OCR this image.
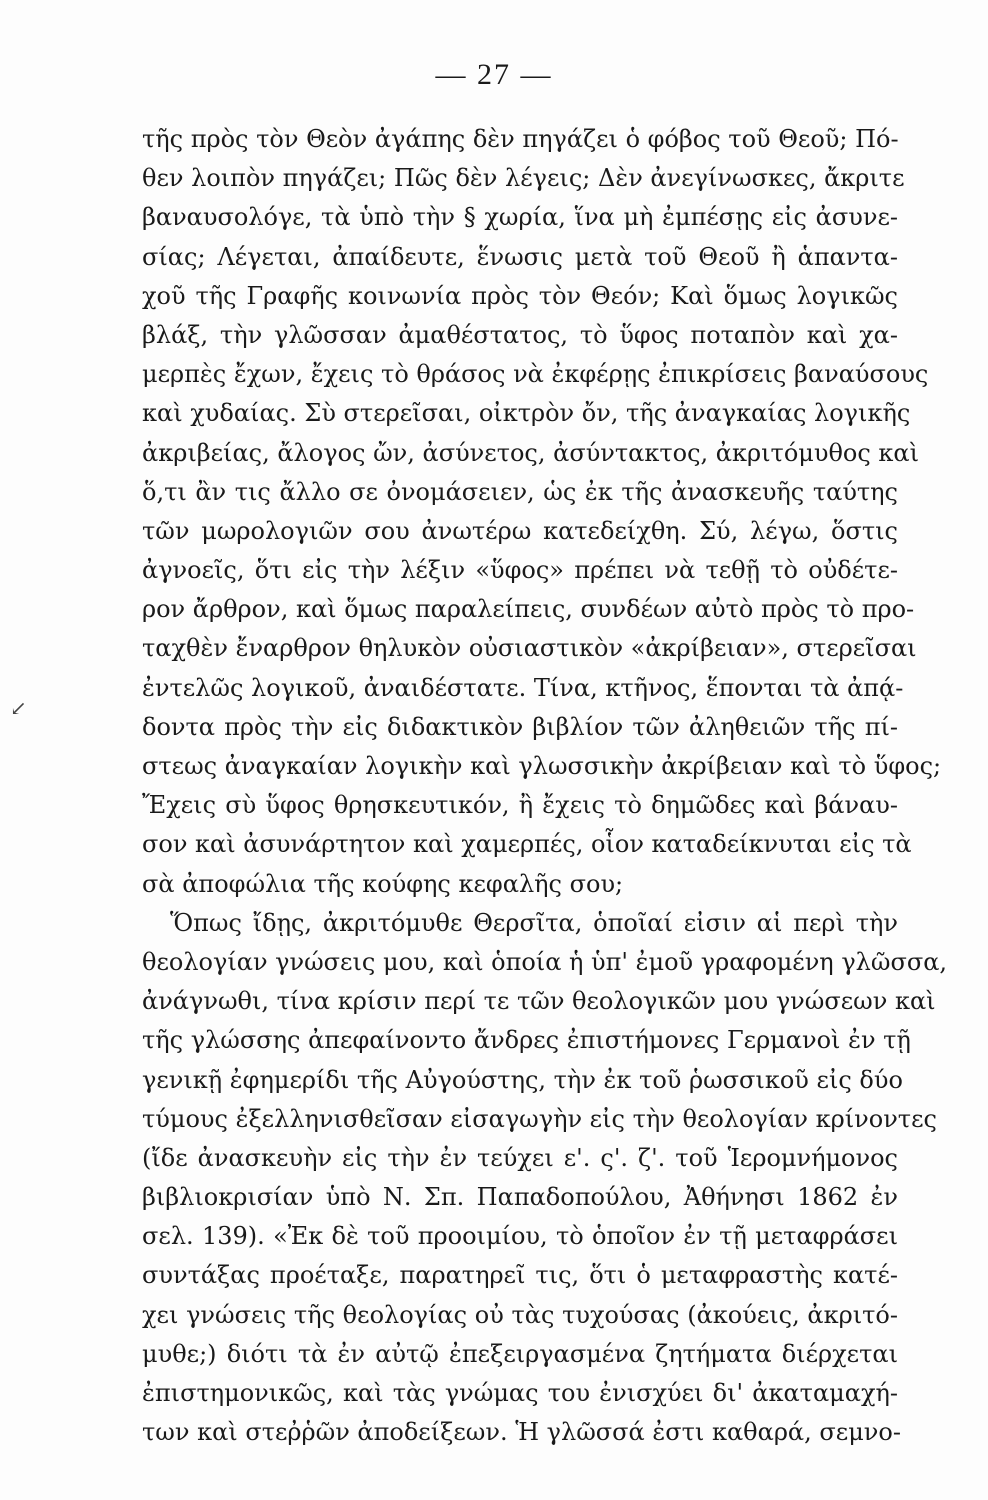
— 27 —
↙
τῆς πρὸς τὸν Θεὸν ἀγάπης δὲν πηγάζει ὁ φόβος τοῦ Θεοῦ; Πό-
θεν λοιπὸν πηγάζει; Πῶς δὲν λέγεις; Δὲν ἀνεγίνωσκες, ἄκριτε
βαναυσολόγε, τὰ ὑπὸ τὴν § χωρία, ἵνα μὴ ἐμπέσῃς εἰς ἀσυνε-
σίας; Λέγεται, ἀπαίδευτε, ἕνωσις μετὰ τοῦ Θεοῦ ἢ ἁπαντα-
χοῦ τῆς Γραφῆς κοινωνία πρὸς τὸν Θεόν; Καὶ ὅμως λογικῶς
βλάξ, τὴν γλῶσσαν ἀμαθέστατος, τὸ ὕφος ποταπὸν καὶ χα-
μερπὲς ἔχων, ἔχεις τὸ θράσος νὰ ἐκφέρῃς ἐπικρίσεις βαναύσους
καὶ χυδαίας. Σὺ στερεῖσαι, οἰκτρὸν ὄν, τῆς ἀναγκαίας λογικῆς
ἀκριβείας, ἄλογος ὤν, ἀσύνετος, ἀσύντακτος, ἀκριτόμυθος καὶ
ὅ,τι ἂν τις ἄλλο σε ὀνομάσειεν, ὡς ἐκ τῆς ἀνασκευῆς ταύτης
τῶν μωρολογιῶν σου ἀνωτέρω κατεδείχθη. Σύ, λέγω, ὅστις
ἀγνοεῖς, ὅτι εἰς τὴν λέξιν «ὕφος» πρέπει νὰ τεθῇ τὸ οὐδέτε-
ρον ἄρθρον, καὶ ὅμως παραλείπεις, συνδέων αὐτὸ πρὸς τὸ προ-
ταχθὲν ἔναρθρον θηλυκὸν οὐσιαστικὸν «ἀκρίβειαν», στερεῖσαι
ἐντελῶς λογικοῦ, ἀναιδέστατε. Τίνα, κτῆνος, ἕπονται τὰ ἀπᾴ-
δοντα πρὸς τὴν εἰς διδακτικὸν βιβλίον τῶν ἀληθειῶν τῆς πί-
στεως ἀναγκαίαν λογικὴν καὶ γλωσσικὴν ἀκρίβειαν καὶ τὸ ὕφος;
Ἔχεις σὺ ὕφος θρησκευτικόν, ἢ ἔχεις τὸ δημῶδες καὶ βάναυ-
σον καὶ ἀσυνάρτητον καὶ χαμερπές, οἷον καταδείκνυται εἰς τὰ
σὰ ἀποφώλια τῆς κούφης κεφαλῆς σου;
Ὅπως ἴδῃς, ἀκριτόμυθε Θερσῖτα, ὁποῖαί εἰσιν αἱ περὶ τὴν
θεολογίαν γνώσεις μου, καὶ ὁποία ἡ ὑπ' ἐμοῦ γραφομένη γλῶσσα,
ἀνάγνωθι, τίνα κρίσιν περί τε τῶν θεολογικῶν μου γνώσεων καὶ
τῆς γλώσσης ἀπεφαίνοντο ἄνδρες ἐπιστήμονες Γερμανοὶ ἐν τῇ
γενικῇ ἐφημερίδι τῆς Αὐγούστης, τὴν ἐκ τοῦ ῥωσσικοῦ εἰς δύο
τύμους ἐξελληνισθεῖσαν εἰσαγωγὴν εἰς τὴν θεολογίαν κρίνοντες
(ἴδε ἀνασκευὴν εἰς τὴν ἐν τεύχει ε'. ς'. ζ'. τοῦ Ἱερομνήμονος
βιβλιοκρισίαν ὑπὸ Ν. Σπ. Παπαδοπούλου, Ἀθήνησι 1862 ἐν
σελ. 139). «Ἐκ δὲ τοῦ προοιμίου, τὸ ὁποῖον ἐν τῇ μεταφράσει
συντάξας προέταξε, παρατηρεῖ τις, ὅτι ὁ μεταφραστὴς κατέ-
χει γνώσεις τῆς θεολογίας οὐ τὰς τυχούσας (ἀκούεις, ἀκριτό-
μυθε;) διότι τὰ ἐν αὐτῷ ἐπεξειργασμένα ζητήματα διέρχεται
ἐπιστημονικῶς, καὶ τὰς γνώμας του ἐνισχύει δι' ἀκαταμαχή-
των καὶ στεῤῥῶν ἀποδείξεων. Ἡ γλῶσσά ἐστι καθαρά, σεμνο-
